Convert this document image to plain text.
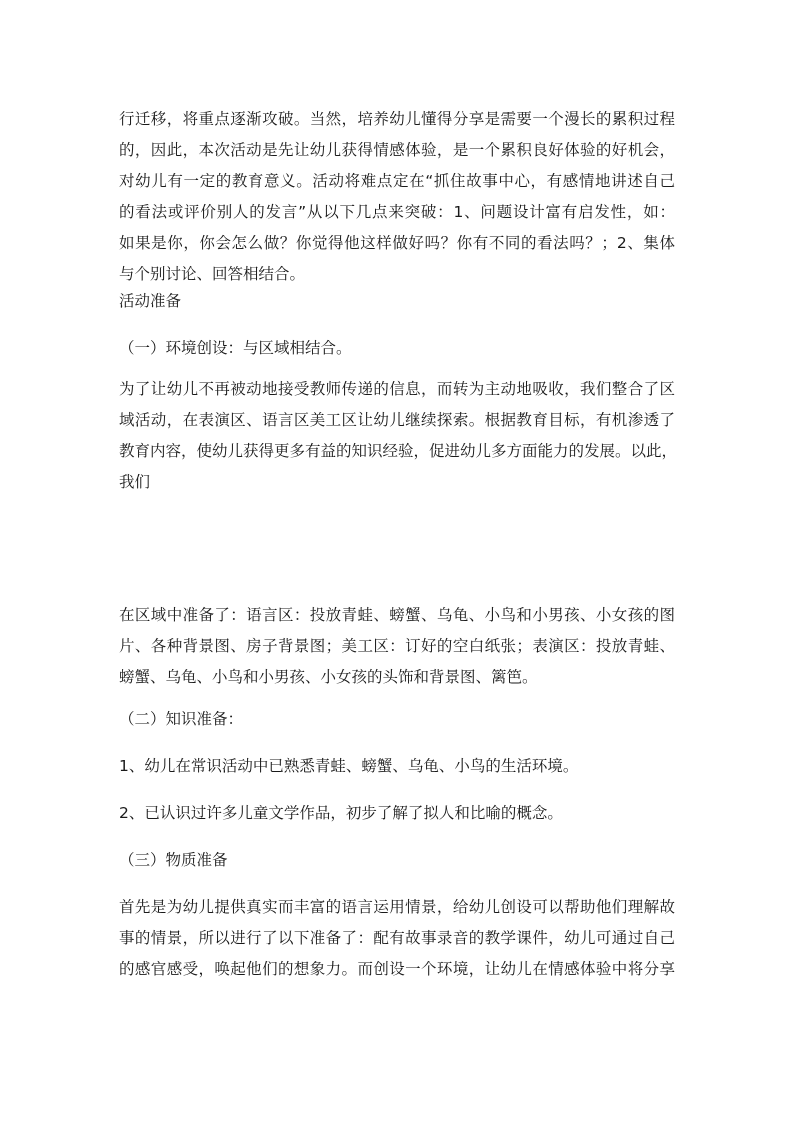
行迁移，将重点逐渐攻破。当然，培养幼儿懂得分享是需要一个漫长的累积过程
的，因此，本次活动是先让幼儿获得情感体验，是一个累积良好体验的好机会，
对幼儿有一定的教育意义。活动将难点定在“抓住故事中心，有感情地讲述自己
的看法或评价别人的发言”从以下几点来突破：1、问题设计富有启发性，如：
如果是你，你会怎么做？你觉得他这样做好吗？你有不同的看法吗？；2、集体
与个别讨论、回答相结合。

活动准备

（一）环境创设：与区域相结合。

为了让幼儿不再被动地接受教师传递的信息，而转为主动地吸收，我们整合了区
域活动，在表演区、语言区美工区让幼儿继续探索。根据教育目标，有机渗透了
教育内容，使幼儿获得更多有益的知识经验，促进幼儿多方面能力的发展。以此，
我们
在区域中准备了：语言区：投放青蛙、螃蟹、乌龟、小鸟和小男孩、小女孩的图
片、各种背景图、房子背景图；美工区：订好的空白纸张；表演区：投放青蛙、
螃蟹、乌龟、小鸟和小男孩、小女孩的头饰和背景图、篱笆。

（二）知识准备：

1、幼儿在常识活动中已熟悉青蛙、螃蟹、乌龟、小鸟的生活环境。

2、已认识过许多儿童文学作品，初步了解了拟人和比喻的概念。

（三）物质准备

首先是为幼儿提供真实而丰富的语言运用情景，给幼儿创设可以帮助他们理解故
事的情景，所以进行了以下准备了：配有故事录音的教学课件，幼儿可通过自己
的感官感受，唤起他们的想象力。而创设一个环境，让幼儿在情感体验中将分享
